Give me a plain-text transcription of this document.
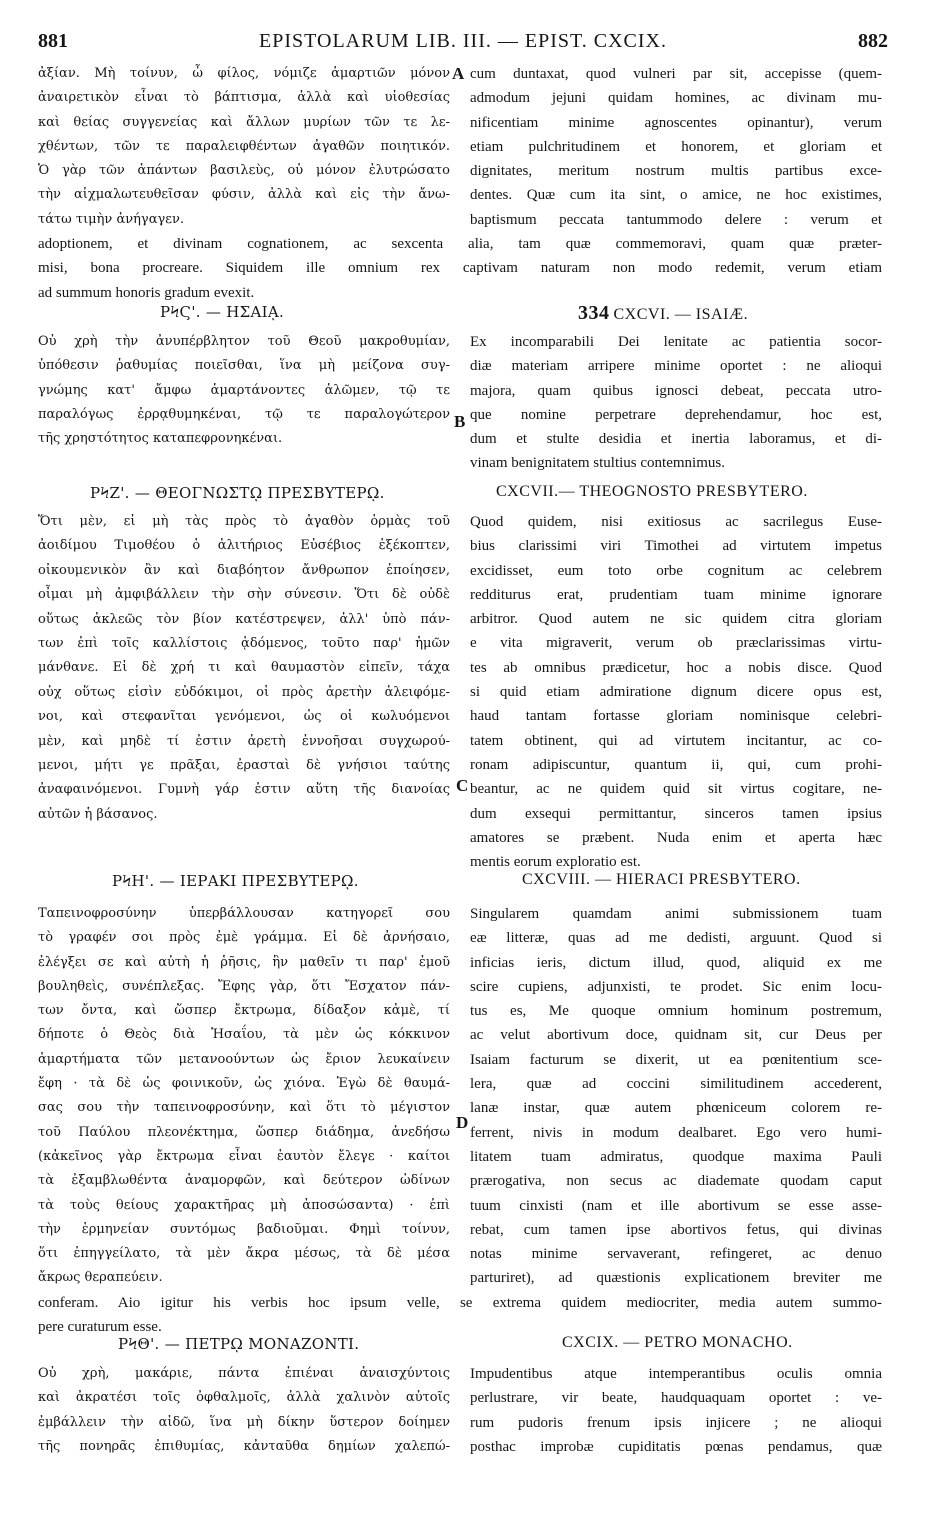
881	EPISTOLARUM LIB. III. — EPIST. CXCIX.	882
ἀξίαν. Μὴ τοίνυν, ὦ φίλος, νόμιζε ἁμαρτιῶν μόνον
ἀναιρετικὸν εἶναι τὸ βάπτισμα, ἀλλὰ καὶ υἱοθεσίας
καὶ θείας συγγενείας καὶ ἄλλων μυρίων τῶν τε λε-
χθέντων, τῶν τε παραλειφθέντων ἀγαθῶν ποιητικόν.
Ὁ γὰρ τῶν ἁπάντων βασιλεὺς, οὐ μόνον ἐλυτρώσατο
τὴν αἰχμαλωτευθεῖσαν φύσιν, ἀλλὰ καὶ εἰς τὴν ἄνω-
τάτω τιμὴν ἀνήγαγεν.
A cum duntaxat, quod vulneri par sit, accepisse (quem-
admodum jejuni quidam homines, ac divinam mu-
nificentiam minime agnoscentes opinantur), verum
etiam pulchritudinem et honorem, et gloriam et
dignitates, meritum nostrum multis partibus exce-
dentes. Quæ cum ita sint, o amice, ne hoc existimes,
baptismum peccata tantummodo delere : verum et
adoptionem, et divinam cognationem, ac sexcenta alia, tam quæ commemoravi, quam quæ præter-
misi, bona procreare. Siquidem ille omnium rex captivam naturam non modo redemit, verum etiam
ad summum honoris gradum evexit.
ΡϞϚ'. — ΗΣΑΙᾼ.	334 CXCVI. — ISAIÆ.
Οὐ χρὴ τὴν ἀνυπέρβλητον τοῦ Θεοῦ μακροθυμίαν,
ὑπόθεσιν ῥαθυμίας ποιεῖσθαι, ἵνα μὴ μείζονα συγ-
γνώμης κατ' ἄμφω ἁμαρτάνοντες ἁλῶμεν, τῷ τε
παραλόγως ἐρρᾳθυμηκέναι, τῷ τε παραλογώτερον
τῆς χρηστότητος καταπεφρονηκέναι.
B
Ex incomparabili Dei lenitate ac patientia socor-
diæ materiam arripere minime oportet : ne alioqui
majora, quam quibus ignosci debeat, peccata utro-
que nomine perpetrare deprehendamur, hoc est,
dum et stulte desidia et inertia laboramus, et di-
vinam benignitatem stultius contemnimus.
ΡϞΖ'. — ΘΕΟΓΝΩΣΤῼ ΠΡΕΣΒΥΤΕΡῼ.	CXCVII.— THEOGNOSTO PRESBYTERO.
Ὅτι μὲν, εἰ μὴ τὰς πρὸς τὸ ἀγαθὸν ὁρμὰς τοῦ
ἀοιδίμου Τιμοθέου ὁ ἀλιτήριος Εὐσέβιος ἐξέκοπτεν,
οἰκουμενικὸν ἂν καὶ διαβόητον ἄνθρωπον ἐποίησεν,
οἶμαι μὴ ἀμφιβάλλειν τὴν σὴν σύνεσιν. Ὅτι δὲ οὐδὲ
οὕτως ἀκλεῶς τὸν βίον κατέστρεψεν, ἀλλ' ὑπὸ πάν-
των ἐπὶ τοῖς καλλίστοις ᾀδόμενος, τοῦτο παρ' ἡμῶν
μάνθανε. Εἰ δὲ χρή τι καὶ θαυμαστὸν εἰπεῖν, τάχα
οὐχ οὕτως εἰσὶν εὐδόκιμοι, οἱ πρὸς ἀρετὴν ἀλειφόμε-
νοι, καὶ στεφανῖται γενόμενοι, ὡς οἱ κωλυόμενοι
μὲν, καὶ μηδὲ τί ἐστιν ἀρετὴ ἐννοῆσαι συγχωρού-
μενοι, μήτι γε πρᾶξαι, ἐρασταὶ δὲ γνήσιοι ταύτης
ἀναφαινόμενοι. Γυμνὴ γάρ ἐστιν αὕτη τῆς διανοίας
αὐτῶν ἡ βάσανος.
C
Quod quidem, nisi exitiosus ac sacrilegus Euse-
bius clarissimi viri Timothei ad virtutem impetus
excidisset, eum toto orbe cognitum ac celebrem
redditurus erat, prudentiam tuam minime ignorare
arbitror. Quod autem ne sic quidem citra gloriam
e vita migraverit, verum ob præclarissimas virtu-
tes ab omnibus prædicetur, hoc a nobis disce. Quod
si quid etiam admiratione dignum dicere opus est,
haud tantam fortasse gloriam nominisque celebri-
tatem obtinent, qui ad virtutem incitantur, ac co-
ronam adipiscuntur, quantum ii, qui, cum prohi-
beantur, ac ne quidem quid sit virtus cogitare, ne-
dum exsequi permittantur, sinceros tamen ipsius
amatores se præbent. Nuda enim et aperta hæc
mentis eorum exploratio est.
ΡϞΗ'. — ΙΕΡΑΚΙ ΠΡΕΣΒΥΤΕΡῼ.	CXCVIII. — HIERACI PRESBYTERO.
Ταπεινοφροσύνην ὑπερβάλλουσαν κατηγορεῖ σου
τὸ γραφέν σοι πρὸς ἐμὲ γράμμα. Εἰ δὲ ἀρνήσαιο,
ἐλέγξει σε καὶ αὐτὴ ἡ ῥῆσις, ἣν μαθεῖν τι παρ' ἐμοῦ
βουληθεὶς, συνέπλεξας. Ἔφης γὰρ, ὅτι Ἔσχατον πάν-
των ὄντα, καὶ ὥσπερ ἔκτρωμα, δίδαξον κἀμὲ, τί
δήποτε ὁ Θεὸς διὰ Ἡσαΐου, τὰ μὲν ὡς κόκκινον
ἁμαρτήματα τῶν μετανοούντων ὡς ἔριον λευκαίνειν
ἔφη · τὰ δὲ ὡς φοινικοῦν, ὡς χιόνα. Ἐγὼ δὲ θαυμά-
σας σου τὴν ταπεινοφροσύνην, καὶ ὅτι τὸ μέγιστον
τοῦ Παύλου πλεονέκτημα, ὥσπερ διάδημα, ἀνεδήσω
(κἀκεῖνος γὰρ ἔκτρωμα εἶναι ἑαυτὸν ἔλεγε · καίτοι
τὰ ἐξαμβλωθέντα ἀναμορφῶν, καὶ δεύτερον ὠδίνων
τὰ τοὺς θείους χαρακτῆρας μὴ ἀποσώσαντα) · ἐπὶ
τὴν ἑρμηνείαν συντόμως βαδιοῦμαι. Φημὶ τοίνυν,
ὅτι ἐπηγγείλατο, τὰ μὲν ἄκρα μέσως, τὰ δὲ μέσα
ἄκρως θεραπεύειν.
D
Singularem quamdam animi submissionem tuam
eæ litteræ, quas ad me dedisti, arguunt. Quod si
inficias ieris, dictum illud, quod, aliquid ex me
scire cupiens, adjunxisti, te prodet. Sic enim locu-
tus es, Me quoque omnium hominum postremum,
ac velut abortivum doce, quidnam sit, cur Deus per
Isaiam facturum se dixerit, ut ea pœnitentium sce-
lera, quæ ad coccini similitudinem accederent,
lanæ instar, quæ autem phœniceum colorem re-
ferrent, nivis in modum dealbaret. Ego vero humi-
litatem tuam admiratus, quodque maxima Pauli
prærogativa, non secus ac diademate quodam caput
tuum cinxisti (nam et ille abortivum se esse asse-
rebat, cum tamen ipse abortivos fetus, qui divinas
notas minime servaverant, refingeret, ac denuo
parturiret), ad quæstionis explicationem breviter me
conferam. Aio igitur his verbis hoc ipsum velle, se extrema quidem mediocriter, media autem summo-
pere curaturum esse.
ΡϞΘ'. — ΠΕΤΡῼ ΜΟΝΑΖΟΝΤΙ.	CXCIX. — PETRO MONACHO.
Οὐ χρὴ, μακάριε, πάντα ἐπιέναι ἀναισχύντοις
καὶ ἀκρατέσι τοῖς ὀφθαλμοῖς, ἀλλὰ χαλινὸν αὐτοῖς
ἐμβάλλειν τὴν αἰδῶ, ἵνα μὴ δίκην ὕστερον δοίημεν
τῆς πονηρᾶς ἐπιθυμίας, κἀνταῦθα δημίων χαλεπώ-
Impudentibus atque intemperantibus oculis omnia
perlustrare, vir beate, haudquaquam oportet : ve-
rum pudoris frenum ipsis injicere ; ne alioqui
posthac improbæ cupiditatis pœnas pendamus, quæ
